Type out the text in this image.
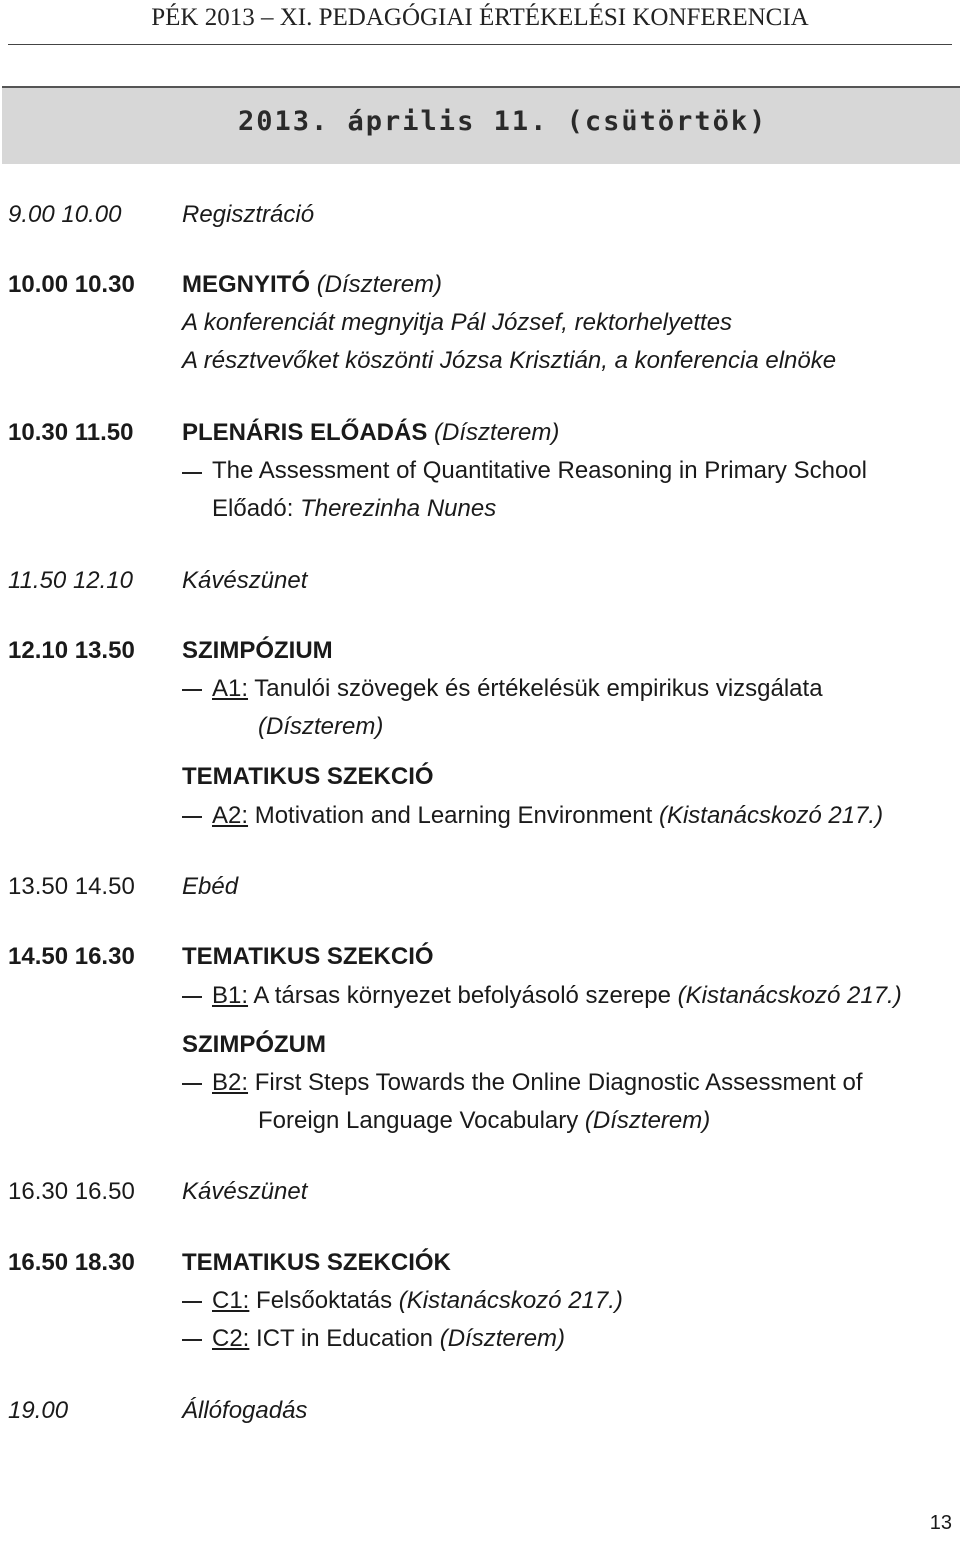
PÉK 2013 – XI. PEDAGÓGIAI ÉRTÉKELÉSI KONFERENCIA
2013. április 11. (csütörtök)
9.00 10.00	Regisztráció
10.00 10.30 MEGNYITÓ (Díszterem)
A konferenciát megnyitja Pál József, rektorhelyettes
A résztvevőket köszönti Józsa Krisztián, a konferencia elnöke
10.30 11.50 PLENÁRIS ELŐADÁS (Díszterem)
The Assessment of Quantitative Reasoning in Primary School
Előadó: Therezinha Nunes
11.50 12.10 Kávészünet
12.10 13.50 SZIMPÓZIUM
A1: Tanulói szövegek és értékelésük empirikus vizsgálata
(Díszterem)
TEMATIKUS SZEKCIÓ
A2: Motivation and Learning Environment (Kistanácskozó 217.)
13.50 14.50 Ebéd
14.50 16.30 TEMATIKUS SZEKCIÓ
B1: A társas környezet befolyásoló szerepe (Kistanácskozó 217.)
SZIMPÓZUM
B2: First Steps Towards the Online Diagnostic Assessment of
Foreign Language Vocabulary (Díszterem)
16.30 16.50 Kávészünet
16.50 18.30 TEMATIKUS SZEKCIÓK
C1: Felsőoktatás (Kistanácskozó 217.)
C2: ICT in Education (Díszterem)
19.00	Állófogadás
13
